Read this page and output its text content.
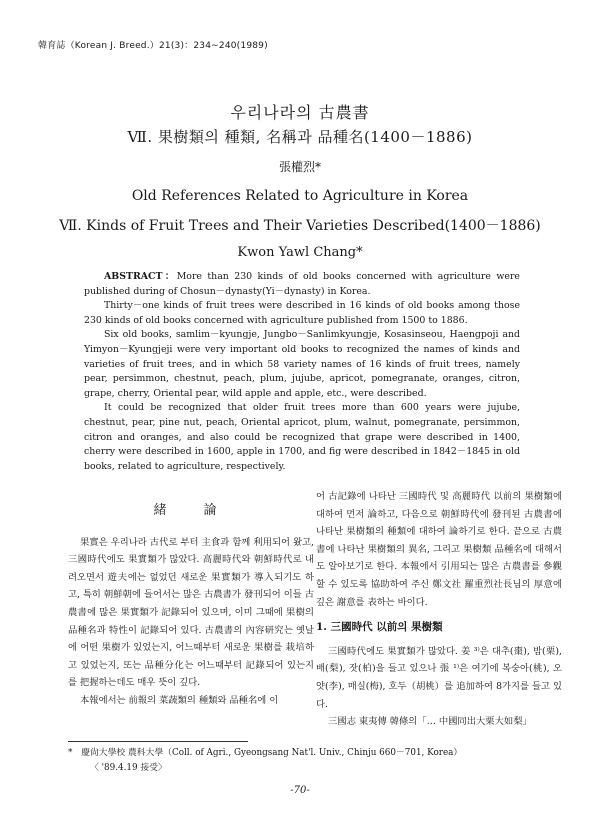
韓育誌（Korean J. Breed.）21(3)：234∼240(1989)
우리나라의 古農書
Ⅶ. 果樹類의 種類, 名稱과 品種名(1400－1886)
張權烈*
Old References Related to Agriculture in Korea
Ⅶ. Kinds of Fruit Trees and Their Varieties Described(1400－1886)
Kwon Yawl Chang*

ABSTRACT：More than 230 kinds of old books concerned with agriculture were published during of Chosun－dynasty(Yi－dynasty) in Korea.

Thirty－one kinds of fruit trees were described in 16 kinds of old books among those 230 kinds of old books concerned with agriculture published from 1500 to 1886.

Six old books, samlim－kyungje, Jungbo－Sanlimkyungje, Kosasinseou, Haengpoji and Yimyon－Kyungjeji were very important old books to recognized the names of kinds and varieties of fruit trees, and in which 58 variety names of 16 kinds of fruit trees, namely pear, persimmon, chestnut, peach, plum, jujube, apricot, pomegranate, oranges, citron, grape, cherry, Oriental pear, wild apple and apple, etc., were described.

It could be recognized that older fruit trees more than 600 years were jujube, chestnut, pear, pine nut, peach, Oriental apricot, plum, walnut, pomegranate, persimmon, citron and oranges, and also could be recognized that grape were described in 1400, cherry were described in 1600, apple in 1700, and fig were described in 1842－1845 in old books, related to agriculture, respectively.

緒　論

果實은 우리나라 古代로 부터 主食과 함께 利用되어 왔고, 三國時代에도 果實類가 많았다. 高麗時代와 朝鮮時代로 내려오면서 遊夫에는 없었던 새로운 果實類가 導入되기도 하고, 특히 朝鮮朝에 들어서는 많은 古農書가 發刊되어 이들 古農書에 많은 果實類가 記錄되어 있으며, 이미 그때에 果樹의 品種名과 特性이 記錄되어 있다. 古農書의 內容研究는 옛날에 어떤 果樹가 있었는지, 어느때부터 새로운 果樹를 栽培하고 있었는지, 또는 品種分化는 어느때부터 記錄되어 있는지를 把握하는데도 매우 뜻이 깊다.

本報에서는 前報의 菜蔬類의 種類와 品種名에 이

어 古記錄에 나타난 三國時代 및 高麗時代 以前의 果樹類에 대하여 먼저 論하고, 다음으로 朝鮮時代에 發刊된 古農書에 나타난 果樹類의 種類에 대하여 論하기로 한다. 끝으로 古農書에 나타난 果樹類의 異名, 그리고 果樹類 品種名에 대해서도 알아보기로 한다. 本報에서 引用되는 많은 古農書를 參觀할 수 있도록 協助하여 주신 鄭文社 羅重烈社長님의 厚意에 깊은 謝意를 表하는 바이다.

1. 三國時代 以前의 果樹類

三國時代에도 果實類가 많았다. 姜 ³⁾은 대추(棗), 밤(栗), 배(梨), 잣(柏)을 들고 있으나 張 ¹⁾은 여기에 복숭아(桃), 오얏(李), 매실(梅), 호두（胡桃）를 追加하여 8가지를 들고 있다.

三國志 東夷傳 韓條의「… 中國同出大栗大如梨」

*　慶尙大學校 農科大學（Coll. of Agri., Gyeongsang Nat'l. Univ., Chinju 660－701, Korea）
〈 '89.4.19 接受〉
-70-
